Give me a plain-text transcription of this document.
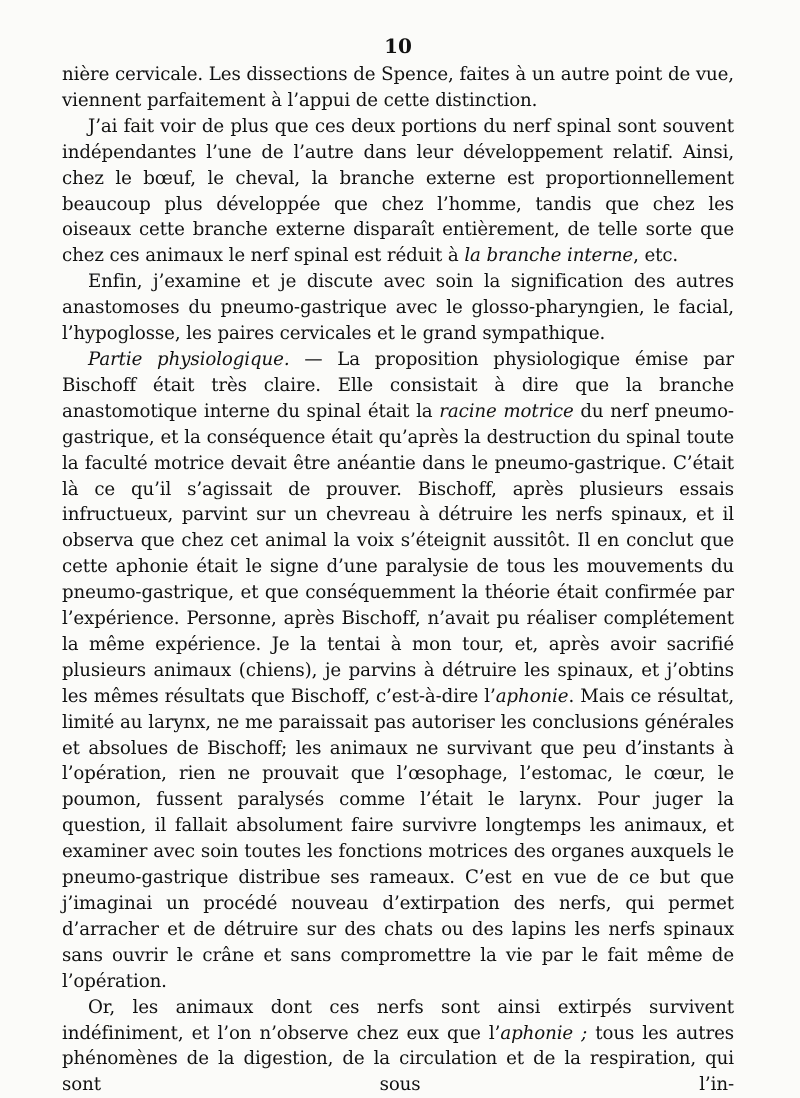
10

nière cervicale. Les dissections de Spence, faites à un autre point de vue, viennent parfaitement à l’appui de cette distinction.

J’ai fait voir de plus que ces deux portions du nerf spinal sont souvent indépendantes l’une de l’autre dans leur développement relatif. Ainsi, chez le bœuf, le cheval, la branche externe est proportionnellement beaucoup plus développée que chez l’homme, tandis que chez les oiseaux cette branche externe disparaît entièrement, de telle sorte que chez ces animaux le nerf spinal est réduit à la branche interne, etc.

Enfin, j’examine et je discute avec soin la signification des autres anastomoses du pneumo-gastrique avec le glosso-pharyngien, le facial, l’hypoglosse, les paires cervicales et le grand sympathique.

Partie physiologique. — La proposition physiologique émise par Bischoff était très claire. Elle consistait à dire que la branche anastomotique interne du spinal était la racine motrice du nerf pneumo-gastrique, et la conséquence était qu’après la destruction du spinal toute la faculté motrice devait être anéantie dans le pneumo-gastrique. C’était là ce qu’il s’agissait de prouver. Bischoff, après plusieurs essais infructueux, parvint sur un chevreau à détruire les nerfs spinaux, et il observa que chez cet animal la voix s’éteignit aussitôt. Il en conclut que cette aphonie était le signe d’une paralysie de tous les mouvements du pneumo-gastrique, et que conséquemment la théorie était confirmée par l’expérience. Personne, après Bischoff, n’avait pu réaliser complétement la même expérience. Je la tentai à mon tour, et, après avoir sacrifié plusieurs animaux (chiens), je parvins à détruire les spinaux, et j’obtins les mêmes résultats que Bischoff, c’est-à-dire l’aphonie. Mais ce résultat, limité au larynx, ne me paraissait pas autoriser les conclusions générales et absolues de Bischoff; les animaux ne survivant que peu d’instants à l’opération, rien ne prouvait que l’œsophage, l’estomac, le cœur, le poumon, fussent paralysés comme l’était le larynx. Pour juger la question, il fallait absolument faire survivre longtemps les animaux, et examiner avec soin toutes les fonctions motrices des organes auxquels le pneumo-gastrique distribue ses rameaux. C’est en vue de ce but que j’imaginai un procédé nouveau d’extirpation des nerfs, qui permet d’arracher et de détruire sur des chats ou des lapins les nerfs spinaux sans ouvrir le crâne et sans compromettre la vie par le fait même de l’opération.

Or, les animaux dont ces nerfs sont ainsi extirpés survivent indéfiniment, et l’on n’observe chez eux que l’aphonie ; tous les autres phénomènes de la digestion, de la circulation et de la respiration, qui sont sous l’in-
